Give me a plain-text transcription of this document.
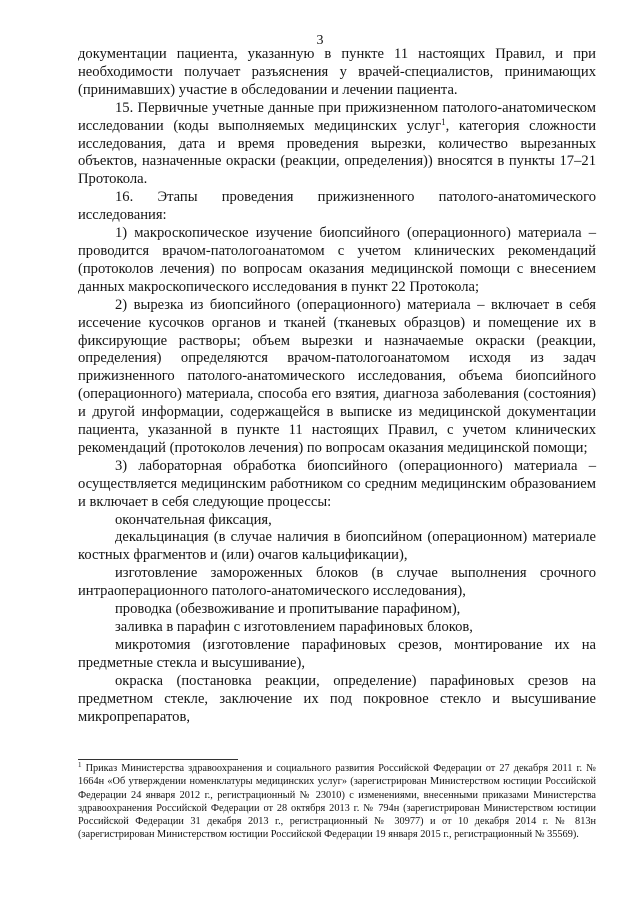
3

документации пациента, указанную в пункте 11 настоящих Правил, и при необходимости получает разъяснения у врачей-специалистов, принимающих (принимавших) участие в обследовании и лечении пациента.

15. Первичные учетные данные при прижизненном патолого-анатомическом исследовании (коды выполняемых медицинских услуг$^1$, категория сложности исследования, дата и время проведения вырезки, количество вырезанных объектов, назначенные окраски (реакции, определения)) вносятся в пункты 17–21 Протокола.

16. Этапы проведения прижизненного патолого-анатомического исследования:

1) макроскопическое изучение биопсийного (операционного) материала – проводится врачом-патологоанатомом с учетом клинических рекомендаций (протоколов лечения) по вопросам оказания медицинской помощи с внесением данных макроскопического исследования в пункт 22 Протокола;

2) вырезка из биопсийного (операционного) материала – включает в себя иссечение кусочков органов и тканей (тканевых образцов) и помещение их в фиксирующие растворы; объем вырезки и назначаемые окраски (реакции, определения) определяются врачом-патологоанатомом исходя из задач прижизненного патолого-анатомического исследования, объема биопсийного (операционного) материала, способа его взятия, диагноза заболевания (состояния) и другой информации, содержащейся в выписке из медицинской документации пациента, указанной в пункте 11 настоящих Правил, с учетом клинических рекомендаций (протоколов лечения) по вопросам оказания медицинской помощи;

3) лабораторная обработка биопсийного (операционного) материала – осуществляется медицинским работником со средним медицинским образованием и включает в себя следующие процессы:

окончательная фиксация,

декальцинация (в случае наличия в биопсийном (операционном) материале костных фрагментов и (или) очагов кальцификации),

изготовление замороженных блоков (в случае выполнения срочного интраоперационного патолого-анатомического исследования),

проводка (обезвоживание и пропитывание парафином),

заливка в парафин с изготовлением парафиновых блоков,

микротомия (изготовление парафиновых срезов, монтирование их на предметные стекла и высушивание),

окраска (постановка реакции, определение) парафиновых срезов на предметном стекле, заключение их под покровное стекло и высушивание микропрепаратов,

$^1$ Приказ Министерства здравоохранения и социального развития Российской Федерации от 27 декабря 2011 г. № 1664н «Об утверждении номенклатуры медицинских услуг» (зарегистрирован Министерством юстиции Российской Федерации 24 января 2012 г., регистрационный № 23010) с изменениями, внесенными приказами Министерства здравоохранения Российской Федерации от 28 октября 2013 г. № 794н (зарегистрирован Министерством юстиции Российской Федерации 31 декабря 2013 г., регистрационный № 30977) и от 10 декабря 2014 г. № 813н (зарегистрирован Министерством юстиции Российской Федерации 19 января 2015 г., регистрационный № 35569).
